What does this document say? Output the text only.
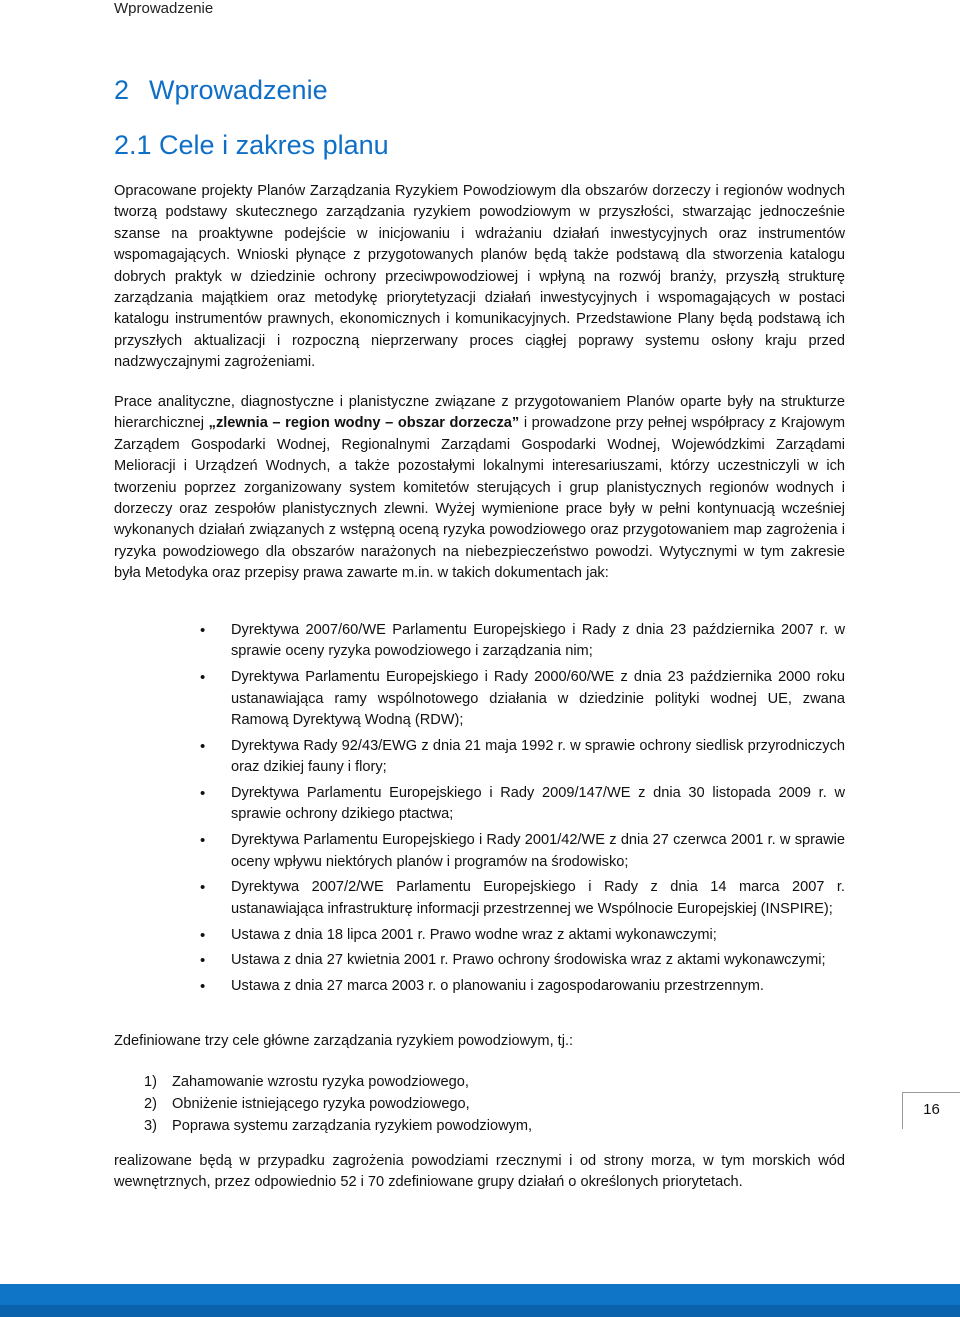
Wprowadzenie
2 Wprowadzenie
2.1 Cele i zakres planu

Opracowane projekty Planów Zarządzania Ryzykiem Powodziowym dla obszarów dorzeczy i regionów wodnych tworzą podstawy skutecznego zarządzania ryzykiem powodziowym w przyszłości, stwarzając jednocześnie szanse na proaktywne podejście w inicjowaniu i wdrażaniu działań inwestycyjnych oraz instrumentów wspomagających. Wnioski płynące z przygotowanych planów będą także podstawą dla stworzenia katalogu dobrych praktyk w dziedzinie ochrony przeciwpowodziowej i wpłyną na rozwój branży, przyszłą strukturę zarządzania majątkiem oraz metodykę priorytetyzacji działań inwestycyjnych i wspomagających w postaci katalogu instrumentów prawnych, ekonomicznych i komunikacyjnych. Przedstawione Plany będą podstawą ich przyszłych aktualizacji i rozpoczną nieprzerwany proces ciągłej poprawy systemu osłony kraju przed nadzwyczajnymi zagrożeniami.

Prace analityczne, diagnostyczne i planistyczne związane z przygotowaniem Planów oparte były na strukturze hierarchicznej „zlewnia – region wodny – obszar dorzecza” i prowadzone przy pełnej współpracy z Krajowym Zarządem Gospodarki Wodnej, Regionalnymi Zarządami Gospodarki Wodnej, Wojewódzkimi Zarządami Melioracji i Urządzeń Wodnych, a także pozostałymi lokalnymi interesariuszami, którzy uczestniczyli w ich tworzeniu poprzez zorganizowany system komitetów sterujących i grup planistycznych regionów wodnych i dorzeczy oraz zespołów planistycznych zlewni. Wyżej wymienione prace były w pełni kontynuacją wcześniej wykonanych działań związanych z wstępną oceną ryzyka powodziowego oraz przygotowaniem map zagrożenia i ryzyka powodziowego dla obszarów narażonych na niebezpieczeństwo powodzi. Wytycznymi w tym zakresie była Metodyka oraz przepisy prawa zawarte m.in. w takich dokumentach jak:

• Dyrektywa 2007/60/WE Parlamentu Europejskiego i Rady z dnia 23 października 2007 r. w sprawie oceny ryzyka powodziowego i zarządzania nim;
• Dyrektywa Parlamentu Europejskiego i Rady 2000/60/WE z dnia 23 października 2000 roku ustanawiająca ramy wspólnotowego działania w dziedzinie polityki wodnej UE, zwana Ramową Dyrektywą Wodną (RDW);
• Dyrektywa Rady 92/43/EWG z dnia 21 maja 1992 r. w sprawie ochrony siedlisk przyrodniczych oraz dzikiej fauny i flory;
• Dyrektywa Parlamentu Europejskiego i Rady 2009/147/WE z dnia 30 listopada 2009 r. w sprawie ochrony dzikiego ptactwa;
• Dyrektywa Parlamentu Europejskiego i Rady 2001/42/WE z dnia 27 czerwca 2001 r. w sprawie oceny wpływu niektórych planów i programów na środowisko;
• Dyrektywa 2007/2/WE Parlamentu Europejskiego i Rady z dnia 14 marca 2007 r. ustanawiająca infrastrukturę informacji przestrzennej we Wspólnocie Europejskiej (INSPIRE);
• Ustawa z dnia 18 lipca 2001 r. Prawo wodne wraz z aktami wykonawczymi;
• Ustawa z dnia 27 kwietnia 2001 r. Prawo ochrony środowiska wraz z aktami wykonawczymi;
• Ustawa z dnia 27 marca 2003 r. o planowaniu i zagospodarowaniu przestrzennym.

Zdefiniowane trzy cele główne zarządzania ryzykiem powodziowym, tj.:

1) Zahamowanie wzrostu ryzyka powodziowego,
2) Obniżenie istniejącego ryzyka powodziowego,
3) Poprawa systemu zarządzania ryzykiem powodziowym,

realizowane będą w przypadku zagrożenia powodziami rzecznymi i od strony morza, w tym morskich wód wewnętrznych, przez odpowiednio 52 i 70 zdefiniowane grupy działań o określonych priorytetach.

16
